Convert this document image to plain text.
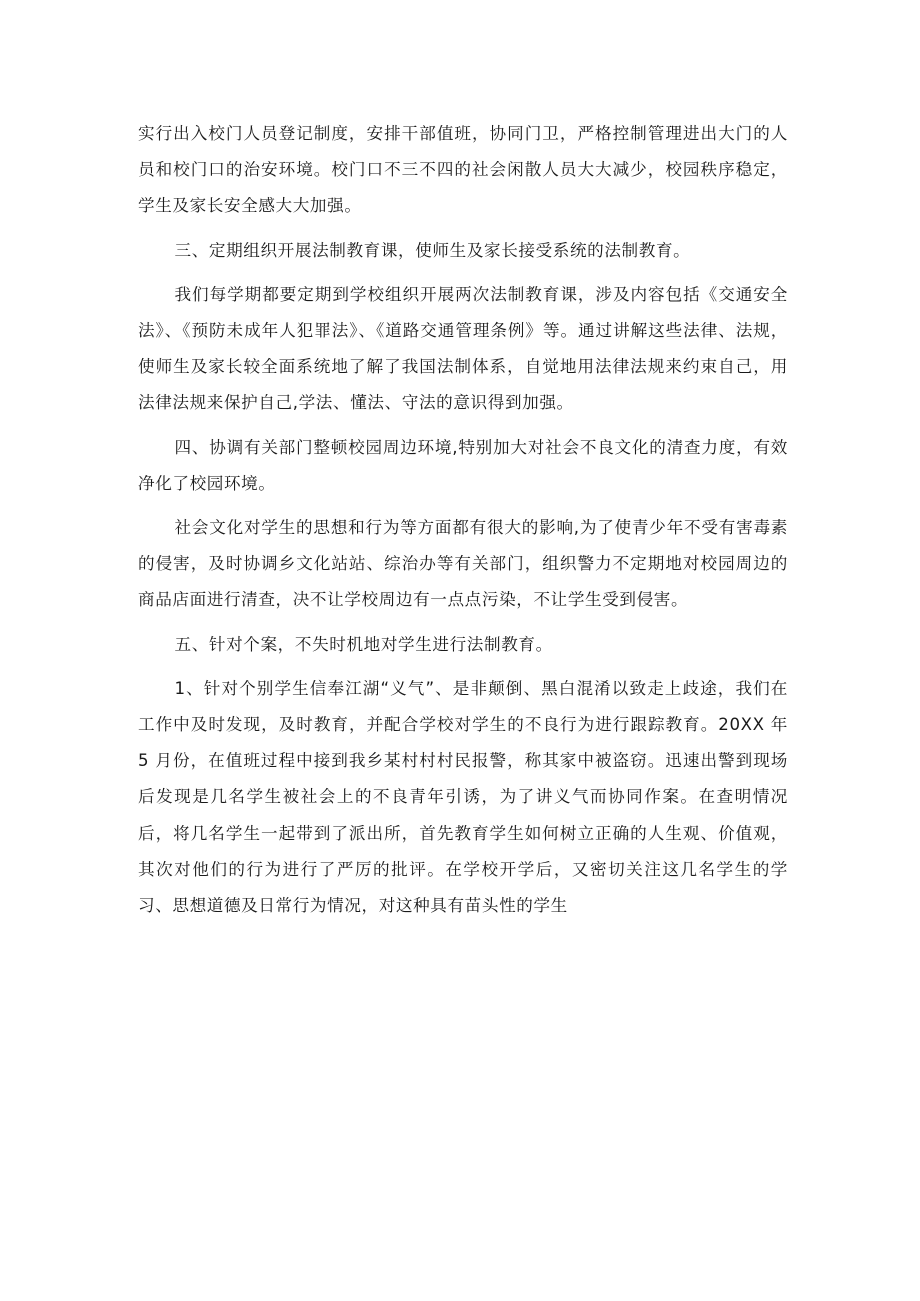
实行出入校门人员登记制度，安排干部值班，协同门卫，严格控制管理进出大门的人员和校门口的治安环境。校门口不三不四的社会闲散人员大大减少，校园秩序稳定，学生及家长安全感大大加强。

三、定期组织开展法制教育课，使师生及家长接受系统的法制教育。

我们每学期都要定期到学校组织开展两次法制教育课，涉及内容包括《交通安全法》、《预防未成年人犯罪法》、《道路交通管理条例》等。通过讲解这些法律、法规，使师生及家长较全面系统地了解了我国法制体系，自觉地用法律法规来约束自己，用法律法规来保护自己,学法、懂法、守法的意识得到加强。

四、协调有关部门整顿校园周边环境,特别加大对社会不良文化的清查力度，有效净化了校园环境。

社会文化对学生的思想和行为等方面都有很大的影响,为了使青少年不受有害毒素的侵害，及时协调乡文化站站、综治办等有关部门，组织警力不定期地对校园周边的商品店面进行清查，决不让学校周边有一点点污染，不让学生受到侵害。

五、针对个案，不失时机地对学生进行法制教育。

1、针对个别学生信奉江湖“义气”、是非颠倒、黑白混淆以致走上歧途，我们在工作中及时发现，及时教育，并配合学校对学生的不良行为进行跟踪教育。20XX 年 5 月份，在值班过程中接到我乡某村村村民报警，称其家中被盗窃。迅速出警到现场后发现是几名学生被社会上的不良青年引诱，为了讲义气而协同作案。在查明情况后，将几名学生一起带到了派出所，首先教育学生如何树立正确的人生观、价值观，其次对他们的行为进行了严厉的批评。在学校开学后，又密切关注这几名学生的学习、思想道德及日常行为情况，对这种具有苗头性的学生
